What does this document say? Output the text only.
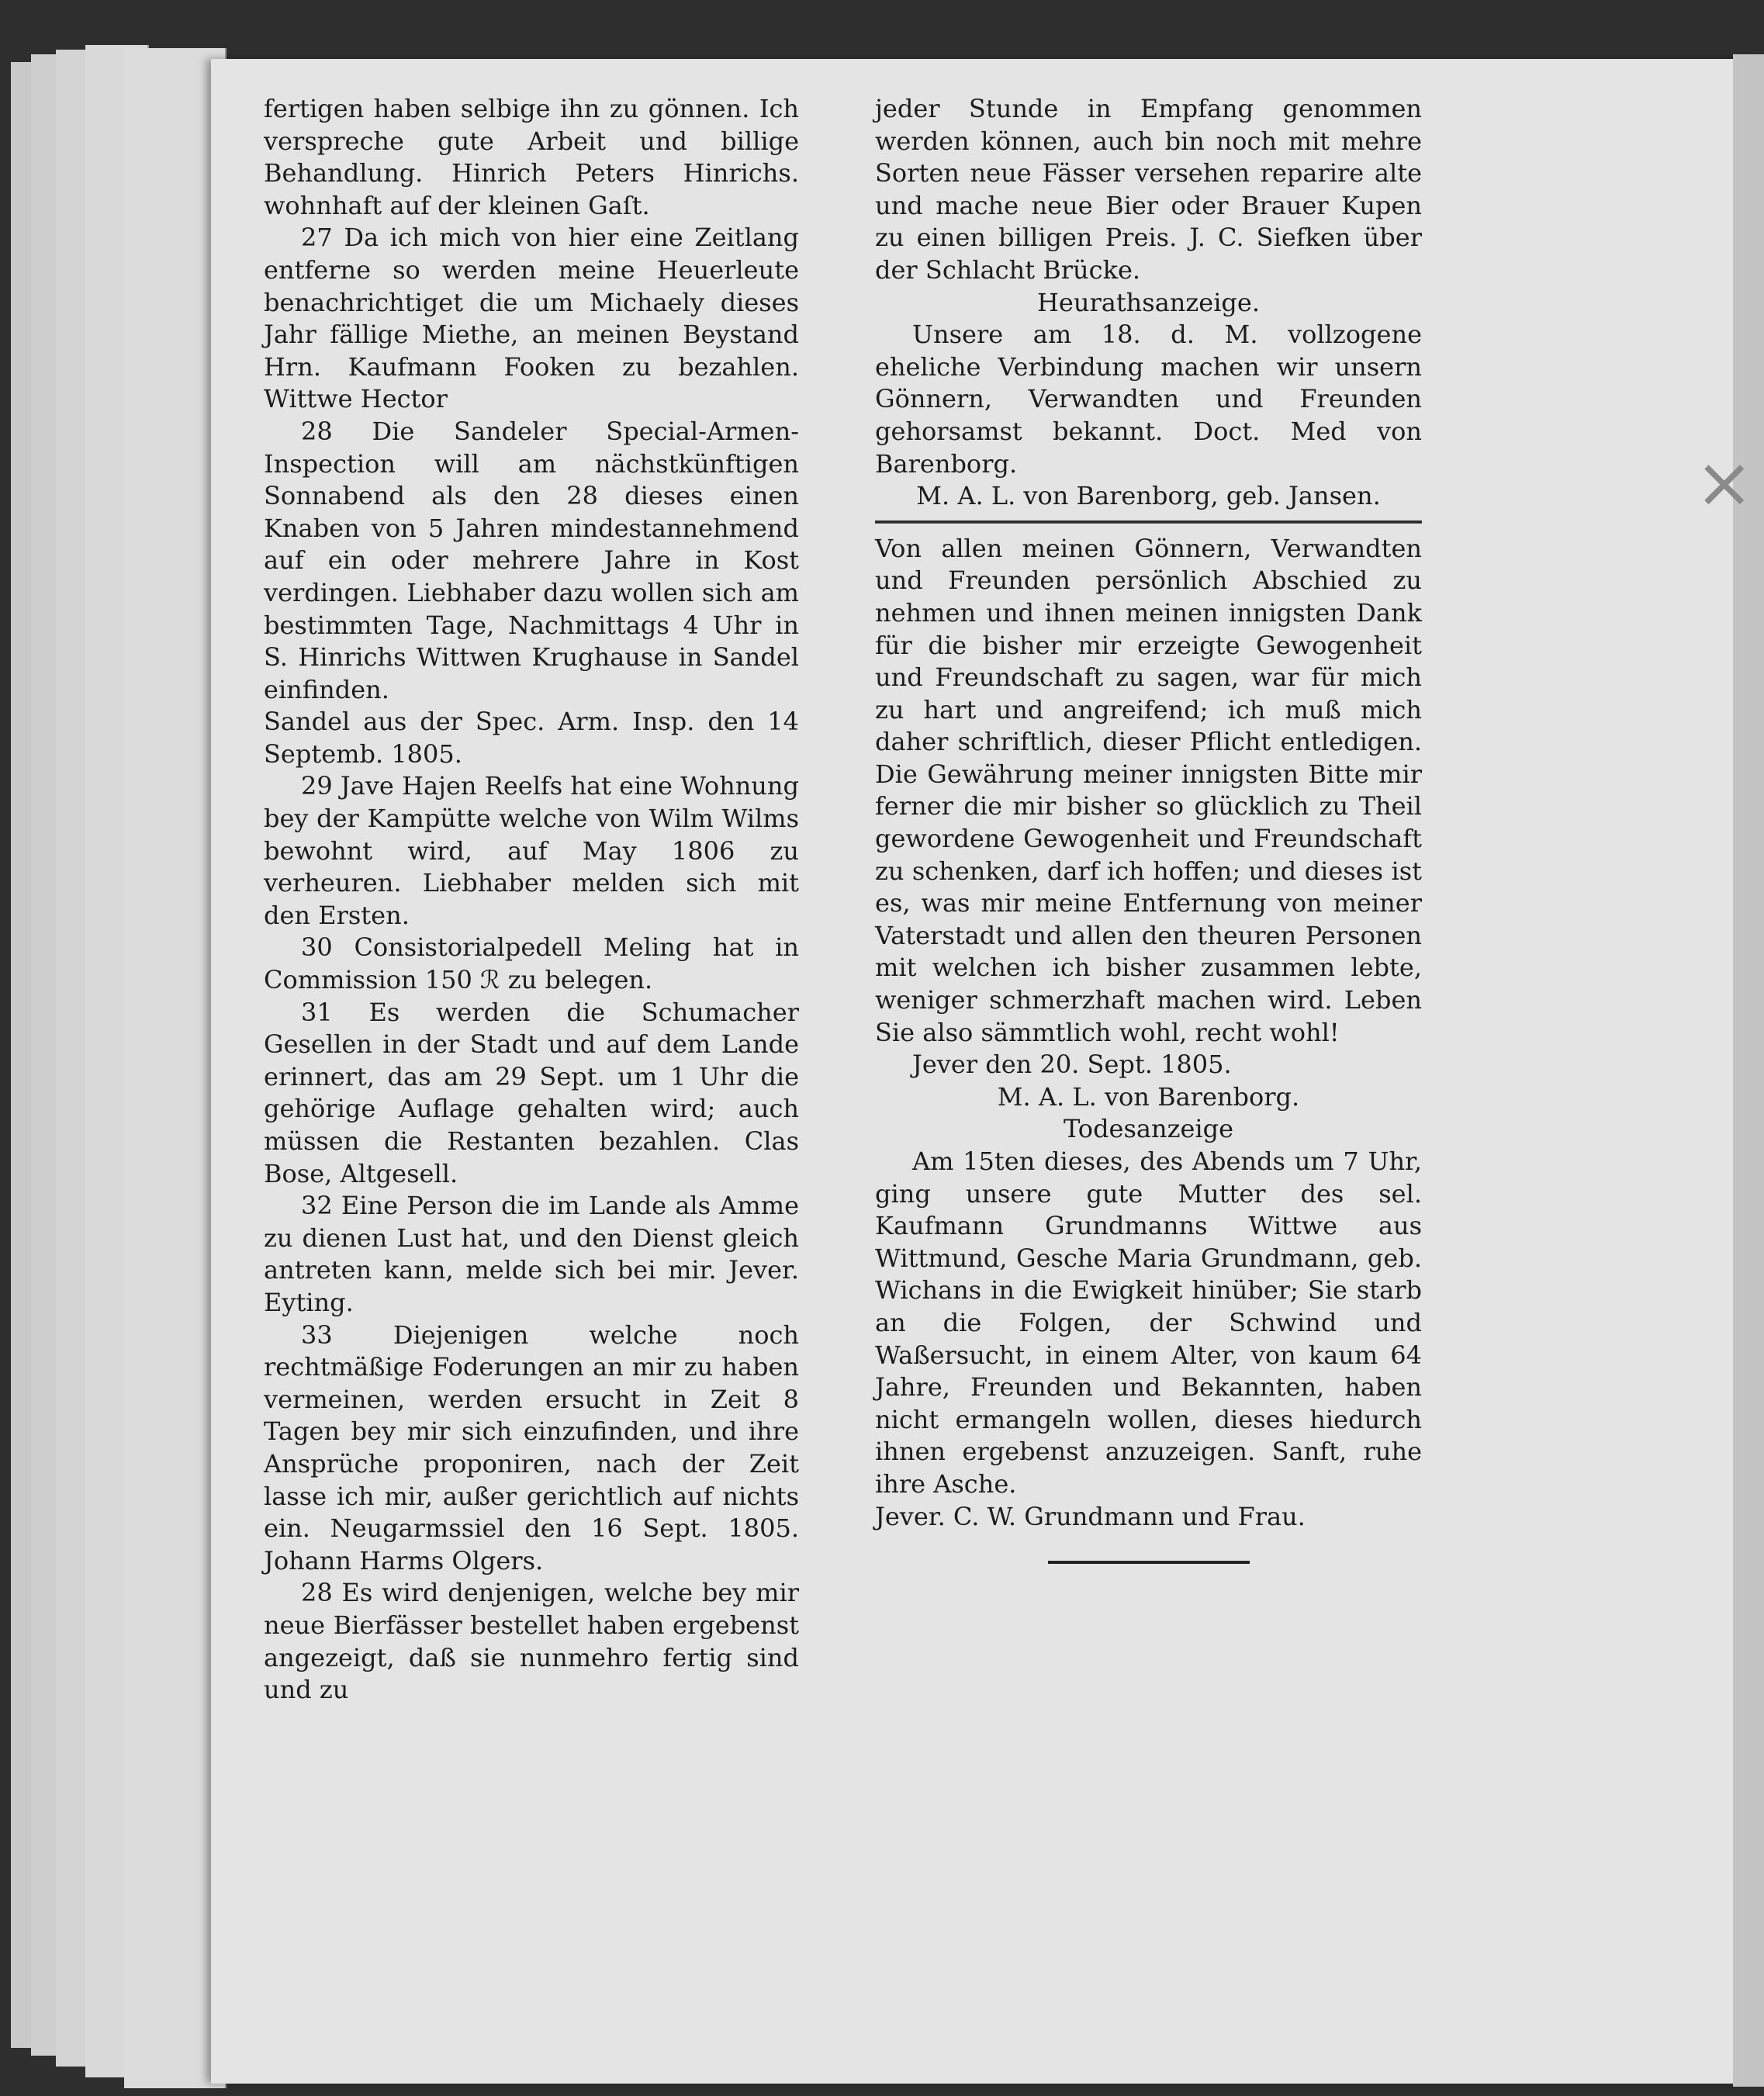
×

fertigen haben selbige ihn zu gönnen. Ich verspreche gute Arbeit und billige Behandlung. Hinrich Peters Hinrichs. wohnhaft auf der kleinen Gaſt.

27 Da ich mich von hier eine Zeitlang entferne so werden meine Heuerleute benachrichtiget die um Michaely dieses Jahr fällige Miethe, an meinen Beystand Hrn. Kaufmann Fooken zu bezahlen. Wittwe Hector

28 Die Sandeler Special-Armen-Inspection will am nächstkünftigen Sonnabend als den 28 dieses einen Knaben von 5 Jahren mindestannehmend auf ein oder mehrere Jahre in Kost verdingen. Liebhaber dazu wollen sich am bestimmten Tage, Nachmittags 4 Uhr in S. Hinrichs Wittwen Krughause in Sandel einfinden.

Sandel aus der Spec. Arm. Insp. den 14 Septemb. 1805.

29 Jave Hajen Reelfs hat eine Wohnung bey der Kampütte welche von Wilm Wilms bewohnt wird, auf May 1806 zu verheuren. Liebhaber melden sich mit den Ersten.

30 Consistorialpedell Meling hat in Commission 150 ℛ zu belegen.

31 Es werden die Schumacher Gesellen in der Stadt und auf dem Lande erinnert, das am 29 Sept. um 1 Uhr die gehörige Auflage gehalten wird; auch müssen die Restanten bezahlen. Clas Bose, Altgesell.

32 Eine Person die im Lande als Amme zu dienen Lust hat, und den Dienst gleich antreten kann, melde sich bei mir. Jever. Eyting.

33 Diejenigen welche noch rechtmäßige Foderungen an mir zu haben vermeinen, werden ersucht in Zeit 8 Tagen bey mir sich einzufinden, und ihre Ansprüche proponiren, nach der Zeit lasse ich mir, außer gerichtlich auf nichts ein. Neugarmssiel den 16 Sept. 1805. Johann Harms Olgers.

28 Es wird denjenigen, welche bey mir neue Bierfässer bestellet haben ergebenst angezeigt, daß sie nunmehro fertig sind und zu

jeder Stunde in Empfang genommen werden können, auch bin noch mit mehre Sorten neue Fässer versehen reparire alte und mache neue Bier oder Brauer Kupen zu einen billigen Preis. J. C. Siefken über der Schlacht Brücke.

Heurathsanzeige.

Unsere am 18. d. M. vollzogene eheliche Verbindung machen wir unsern Gönnern, Verwandten und Freunden gehorsamst bekannt. Doct. Med von Barenborg.

M. A. L. von Barenborg, geb. Jansen.

Von allen meinen Gönnern, Verwandten und Freunden persönlich Abschied zu nehmen und ihnen meinen innigsten Dank für die bisher mir erzeigte Gewogenheit und Freundschaft zu sagen, war für mich zu hart und angreifend; ich muß mich daher schriftlich, dieser Pflicht entledigen. Die Gewährung meiner innigsten Bitte mir ferner die mir bisher so glücklich zu Theil gewordene Gewogenheit und Freundschaft zu schenken, darf ich hoffen; und dieses ist es, was mir meine Entfernung von meiner Vaterstadt und allen den theuren Personen mit welchen ich bisher zusammen lebte, weniger schmerzhaft machen wird. Leben Sie also sämmtlich wohl, recht wohl!

Jever den 20. Sept. 1805.

M. A. L. von Barenborg.

Todesanzeige

Am 15ten dieses, des Abends um 7 Uhr, ging unsere gute Mutter des sel. Kaufmann Grundmanns Wittwe aus Wittmund, Gesche Maria Grundmann, geb. Wichans in die Ewigkeit hinüber; Sie starb an die Folgen, der Schwind und Waßersucht, in einem Alter, von kaum 64 Jahre, Freunden und Bekannten, haben nicht ermangeln wollen, dieses hiedurch ihnen ergebenst anzuzeigen. Sanft, ruhe ihre Asche.

Jever. C. W. Grundmann und Frau.
